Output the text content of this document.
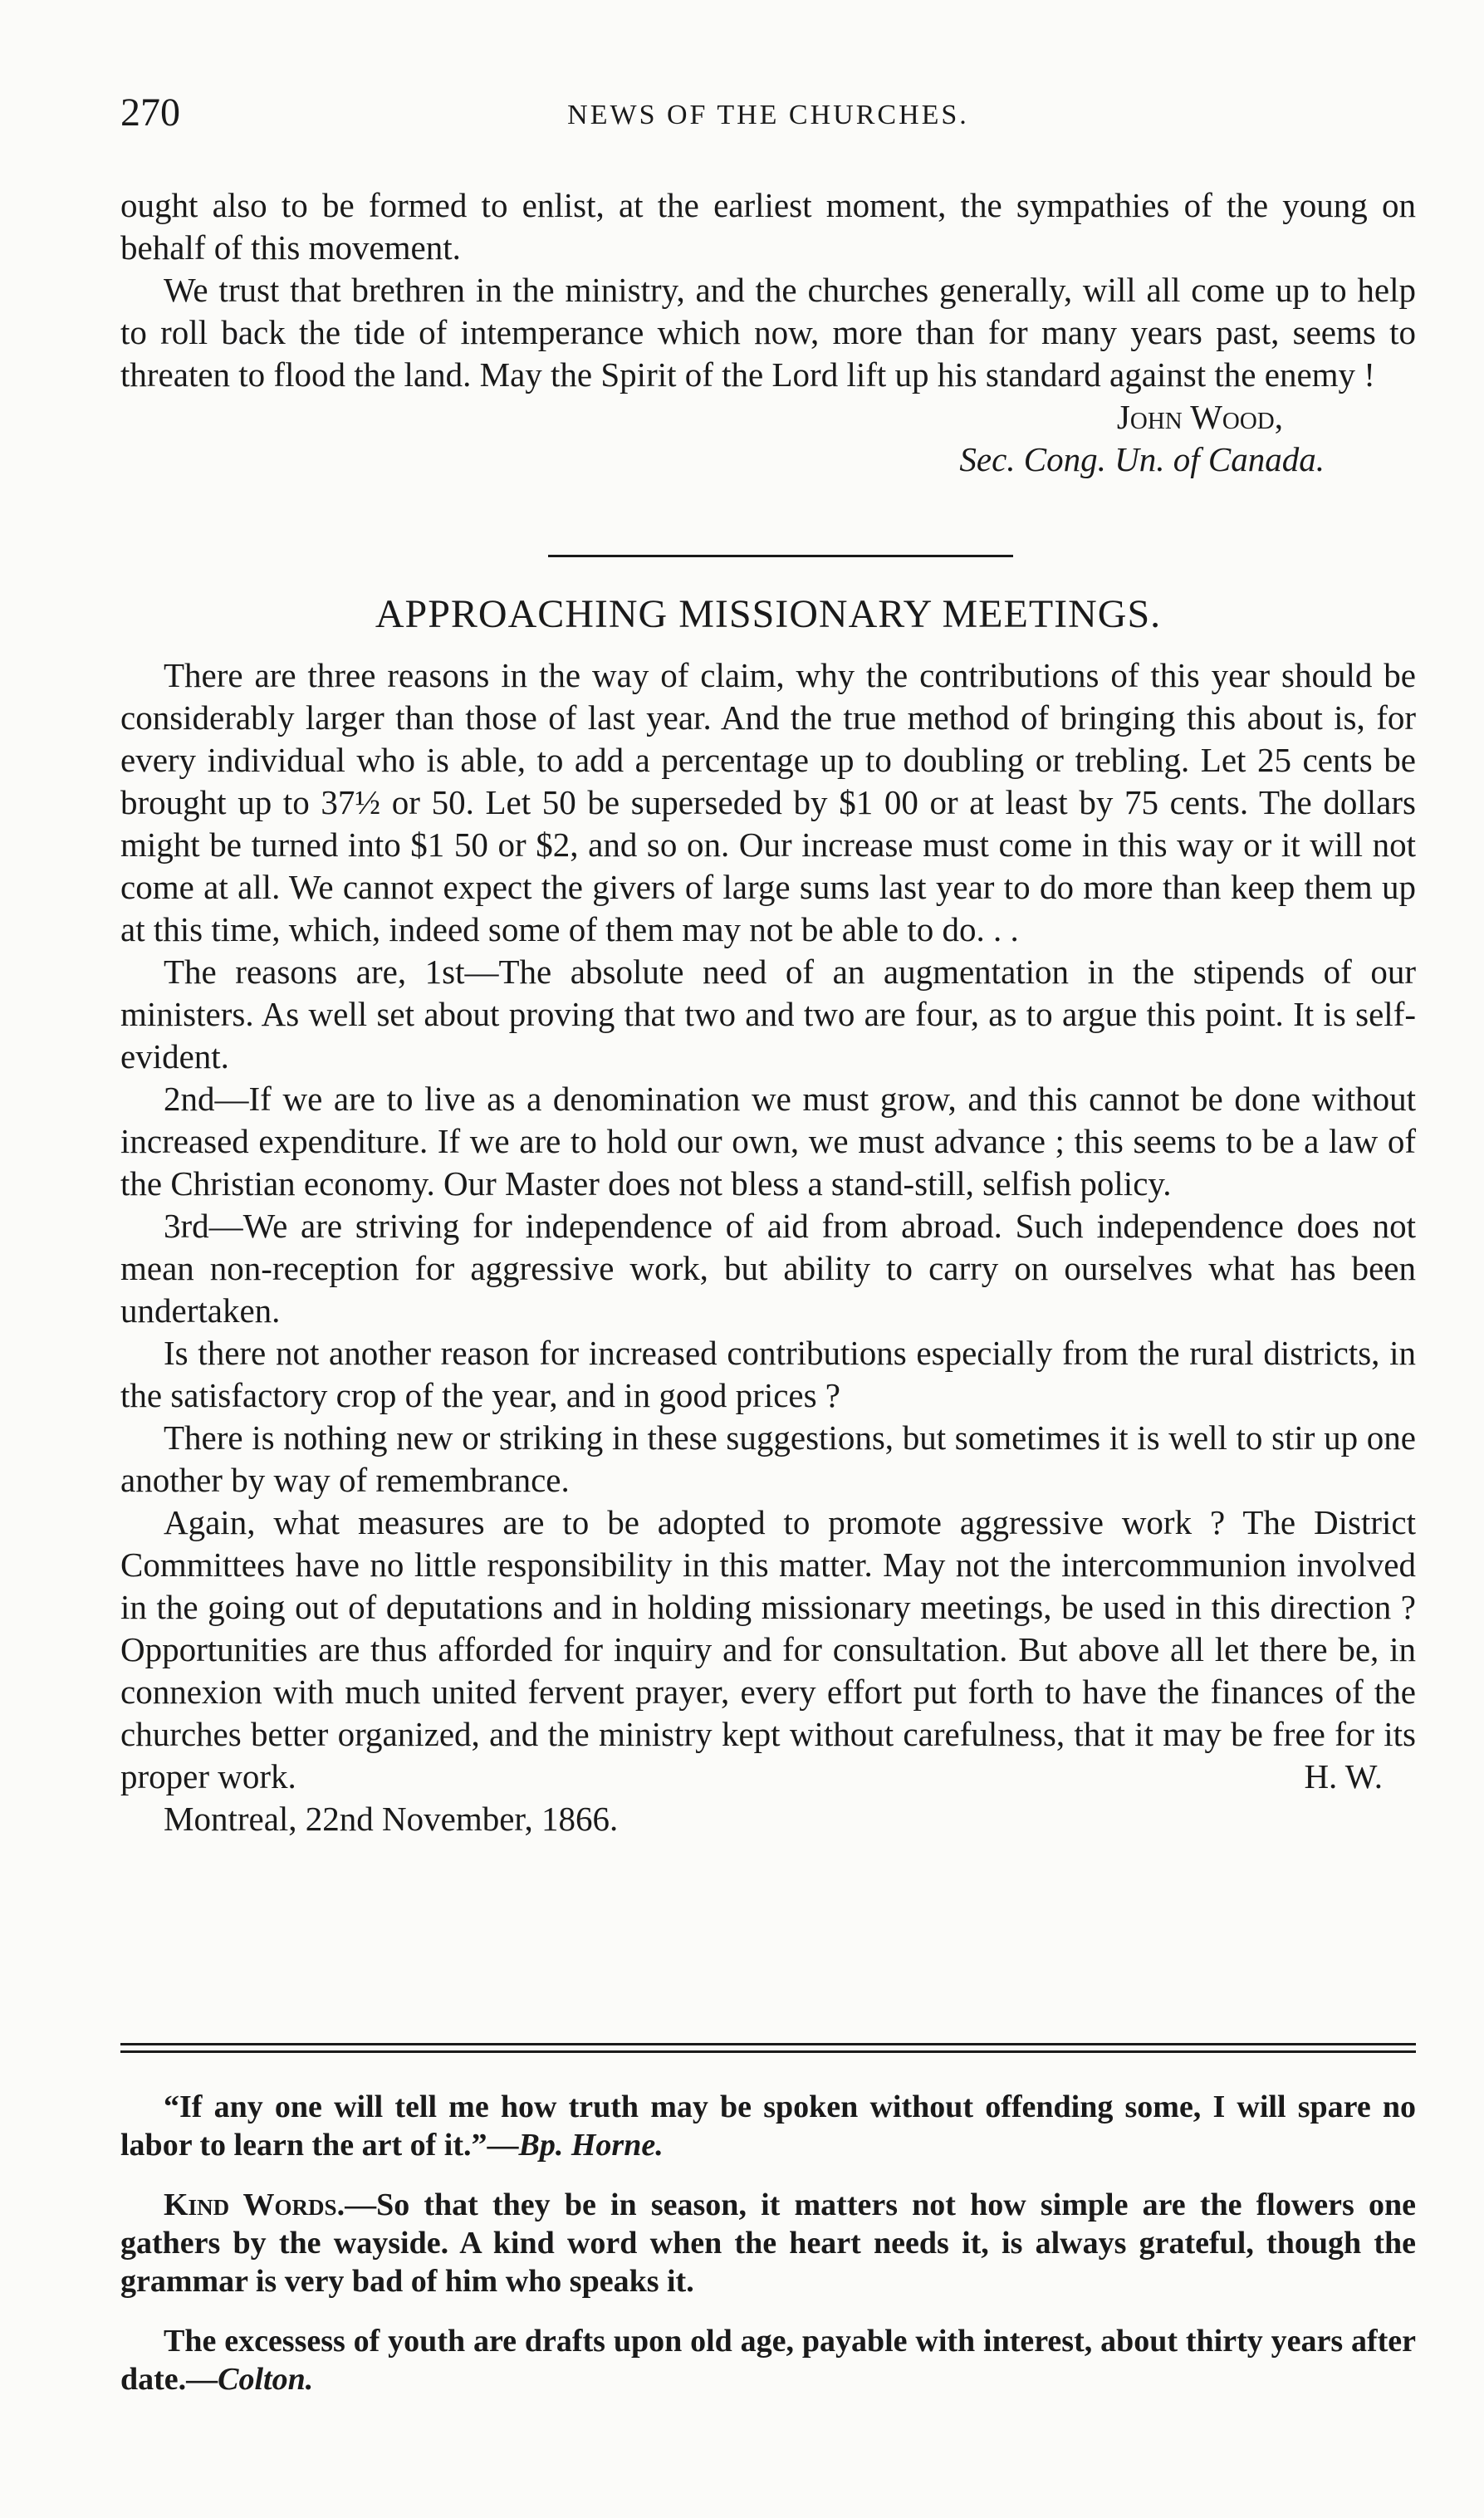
270	NEWS OF THE CHURCHES.

ought also to be formed to enlist, at the earliest moment, the sympathies of the young on behalf of this movement.

We trust that brethren in the ministry, and the churches generally, will all come up to help to roll back the tide of intemperance which now, more than for many years past, seems to threaten to flood the land. May the Spirit of the Lord lift up his standard against the enemy !

John Wood,

Sec. Cong. Un. of Canada.

APPROACHING MISSIONARY MEETINGS.

There are three reasons in the way of claim, why the contributions of this year should be considerably larger than those of last year. And the true method of bringing this about is, for every individual who is able, to add a percentage up to doubling or trebling. Let 25 cents be brought up to 37½ or 50. Let 50 be superseded by $1 00 or at least by 75 cents. The dollars might be turned into $1 50 or $2, and so on. Our increase must come in this way or it will not come at all. We cannot expect the givers of large sums last year to do more than keep them up at this time, which, indeed some of them may not be able to do. . .

The reasons are, 1st—The absolute need of an augmentation in the stipends of our ministers. As well set about proving that two and two are four, as to argue this point. It is self-evident.

2nd—If we are to live as a denomination we must grow, and this cannot be done without increased expenditure. If we are to hold our own, we must advance ; this seems to be a law of the Christian economy. Our Master does not bless a stand-still, selfish policy.

3rd—We are striving for independence of aid from abroad. Such independence does not mean non-reception for aggressive work, but ability to carry on ourselves what has been undertaken.

Is there not another reason for increased contributions especially from the rural districts, in the satisfactory crop of the year, and in good prices ?

There is nothing new or striking in these suggestions, but sometimes it is well to stir up one another by way of remembrance.

Again, what measures are to be adopted to promote aggressive work ? The District Committees have no little responsibility in this matter. May not the intercommunion involved in the going out of deputations and in holding missionary meetings, be used in this direction ? Opportunities are thus afforded for inquiry and for consultation. But above all let there be, in connexion with much united fervent prayer, every effort put forth to have the finances of the churches better organized, and the ministry kept without carefulness, that it may be free for its proper work.	H. W.

Montreal, 22nd November, 1866.

“If any one will tell me how truth may be spoken without offending some, I will spare no labor to learn the art of it.”—Bp. Horne.

Kind Words.—So that they be in season, it matters not how simple are the flowers one gathers by the wayside. A kind word when the heart needs it, is always grateful, though the grammar is very bad of him who speaks it.

The excessess of youth are drafts upon old age, payable with interest, about thirty years after date.—Colton.
